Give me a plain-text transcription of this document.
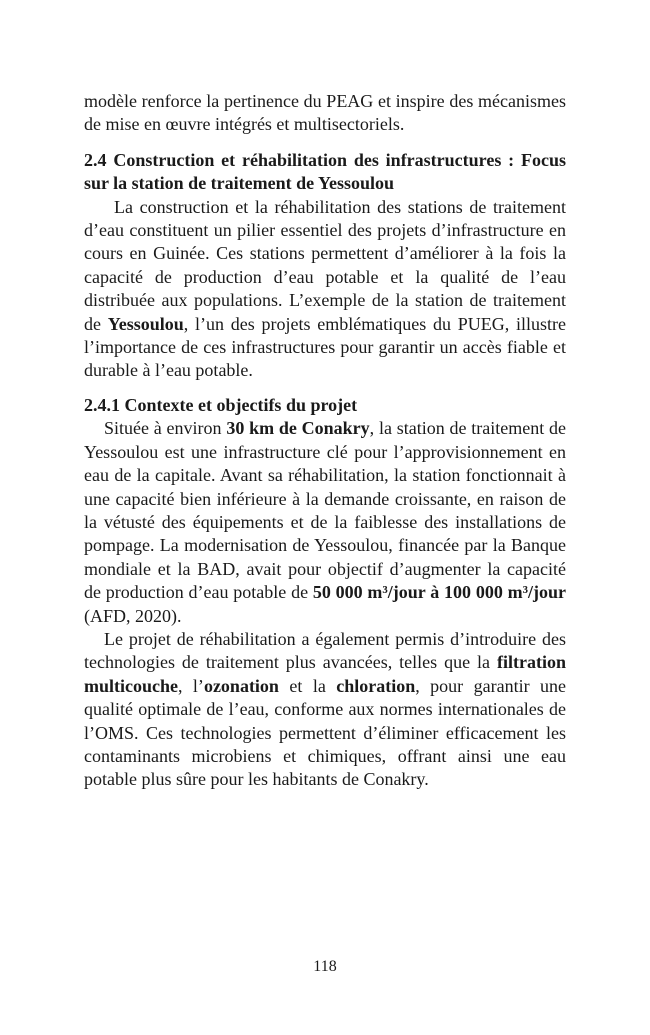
modèle renforce la pertinence du PEAG et inspire des mécanismes de mise en œuvre intégrés et multisectoriels.

2.4 Construction et réhabilitation des infrastructures : Focus sur la station de traitement de Yessoulou

La construction et la réhabilitation des stations de traitement d’eau constituent un pilier essentiel des projets d’infrastructure en cours en Guinée. Ces stations permettent d’améliorer à la fois la capacité de production d’eau potable et la qualité de l’eau distribuée aux populations. L’exemple de la station de traitement de Yessoulou, l’un des projets emblématiques du PUEG, illustre l’importance de ces infrastructures pour garantir un accès fiable et durable à l’eau potable.

2.4.1 Contexte et objectifs du projet

Située à environ 30 km de Conakry, la station de traitement de Yessoulou est une infrastructure clé pour l’approvisionnement en eau de la capitale. Avant sa réhabilitation, la station fonctionnait à une capacité bien inférieure à la demande croissante, en raison de la vétusté des équipements et de la faiblesse des installations de pompage. La modernisation de Yessoulou, financée par la Banque mondiale et la BAD, avait pour objectif d’augmenter la capacité de production d’eau potable de 50 000 m³/jour à 100 000 m³/jour (AFD, 2020).

Le projet de réhabilitation a également permis d’introduire des technologies de traitement plus avancées, telles que la filtration multicouche, l’ozonation et la chloration, pour garantir une qualité optimale de l’eau, conforme aux normes internationales de l’OMS. Ces technologies permettent d’éliminer efficacement les contaminants microbiens et chimiques, offrant ainsi une eau potable plus sûre pour les habitants de Conakry.

118
